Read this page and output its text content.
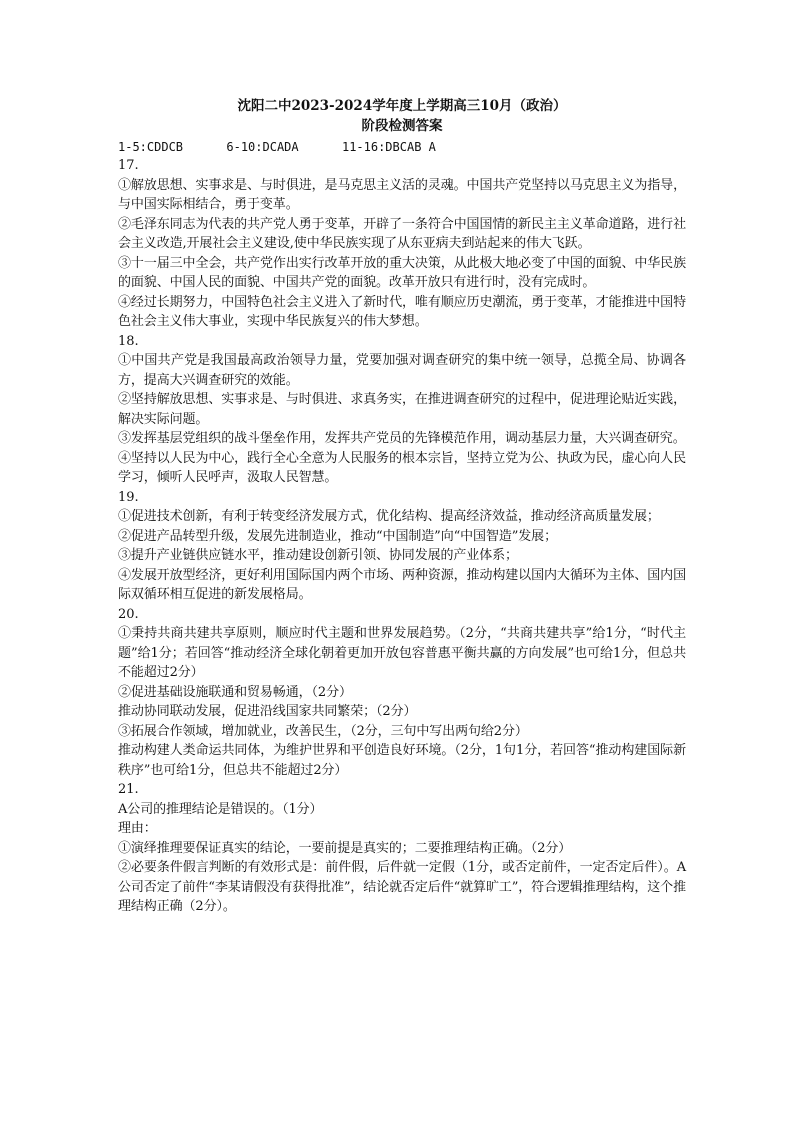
沈阳二中2023-2024学年度上学期高三10月（政治）
阶段检测答案
1-5:CDDCB      6-10:DCADA      11-16:DBCAB A
17.
①解放思想、实事求是、与时俱进，是马克思主义活的灵魂。中国共产党坚持以马克思主义为指导，与中国实际相结合，勇于变革。
②毛泽东同志为代表的共产党人勇于变革，开辟了一条符合中国国情的新民主主义革命道路，进行社会主义改造,开展社会主义建设,使中华民族实现了从东亚病夫到站起来的伟大飞跃。
③十一届三中全会，共产党作出实行改革开放的重大决策，从此极大地必变了中国的面貌、中华民族的面貌、中国人民的面貌、中国共产党的面貌。改革开放只有进行时，没有完成时。
④经过长期努力，中国特色社会主义进入了新时代，唯有顺应历史潮流，勇于变革，才能推进中国特色社会主义伟大事业，实现中华民族复兴的伟大梦想。
18.
①中国共产党是我国最高政治领导力量，党要加强对调查研究的集中统一领导，总揽全局、协调各方，提高大兴调查研究的效能。
②坚持解放思想、实事求是、与时俱进、求真务实，在推进调查研究的过程中，促进理论贴近实践，解决实际问题。
③发挥基层党组织的战斗堡垒作用，发挥共产党员的先锋模范作用，调动基层力量，大兴调查研究。
④坚持以人民为中心，践行全心全意为人民服务的根本宗旨，坚持立党为公、执政为民，虚心向人民学习，倾听人民呼声，汲取人民智慧。
19.
①促进技术创新，有利于转变经济发展方式，优化结构、提高经济效益，推动经济高质量发展；
②促进产品转型升级，发展先进制造业，推动“中国制造”向“中国智造”发展；
③提升产业链供应链水平，推动建设创新引领、协同发展的产业体系；
④发展开放型经济，更好利用国际国内两个市场、两种资源，推动构建以国内大循环为主体、国内国际双循环相互促进的新发展格局。
20.
①秉持共商共建共享原则，顺应时代主题和世界发展趋势。（2分，“共商共建共享”给1分，“时代主题”给1分；若回答“推动经济全球化朝着更加开放包容普惠平衡共赢的方向发展”也可给1分，但总共不能超过2分）
②促进基础设施联通和贸易畅通，（2分）
推动协同联动发展，促进沿线国家共同繁荣；（2分）
③拓展合作领域，增加就业，改善民生，（2分，三句中写出两句给2分）
推动构建人类命运共同体，为维护世界和平创造良好环境。（2分，1句1分，若回答“推动构建国际新秩序”也可给1分，但总共不能超过2分）
21.
A公司的推理结论是错误的。（1分）
理由：
①演绎推理要保证真实的结论，一要前提是真实的；二要推理结构正确。（2分）
②必要条件假言判断的有效形式是：前件假，后件就一定假（1分，或否定前件，一定否定后件）。A公司否定了前件“李某请假没有获得批准”，结论就否定后件“就算旷工”，符合逻辑推理结构，这个推理结构正确（2分）。
